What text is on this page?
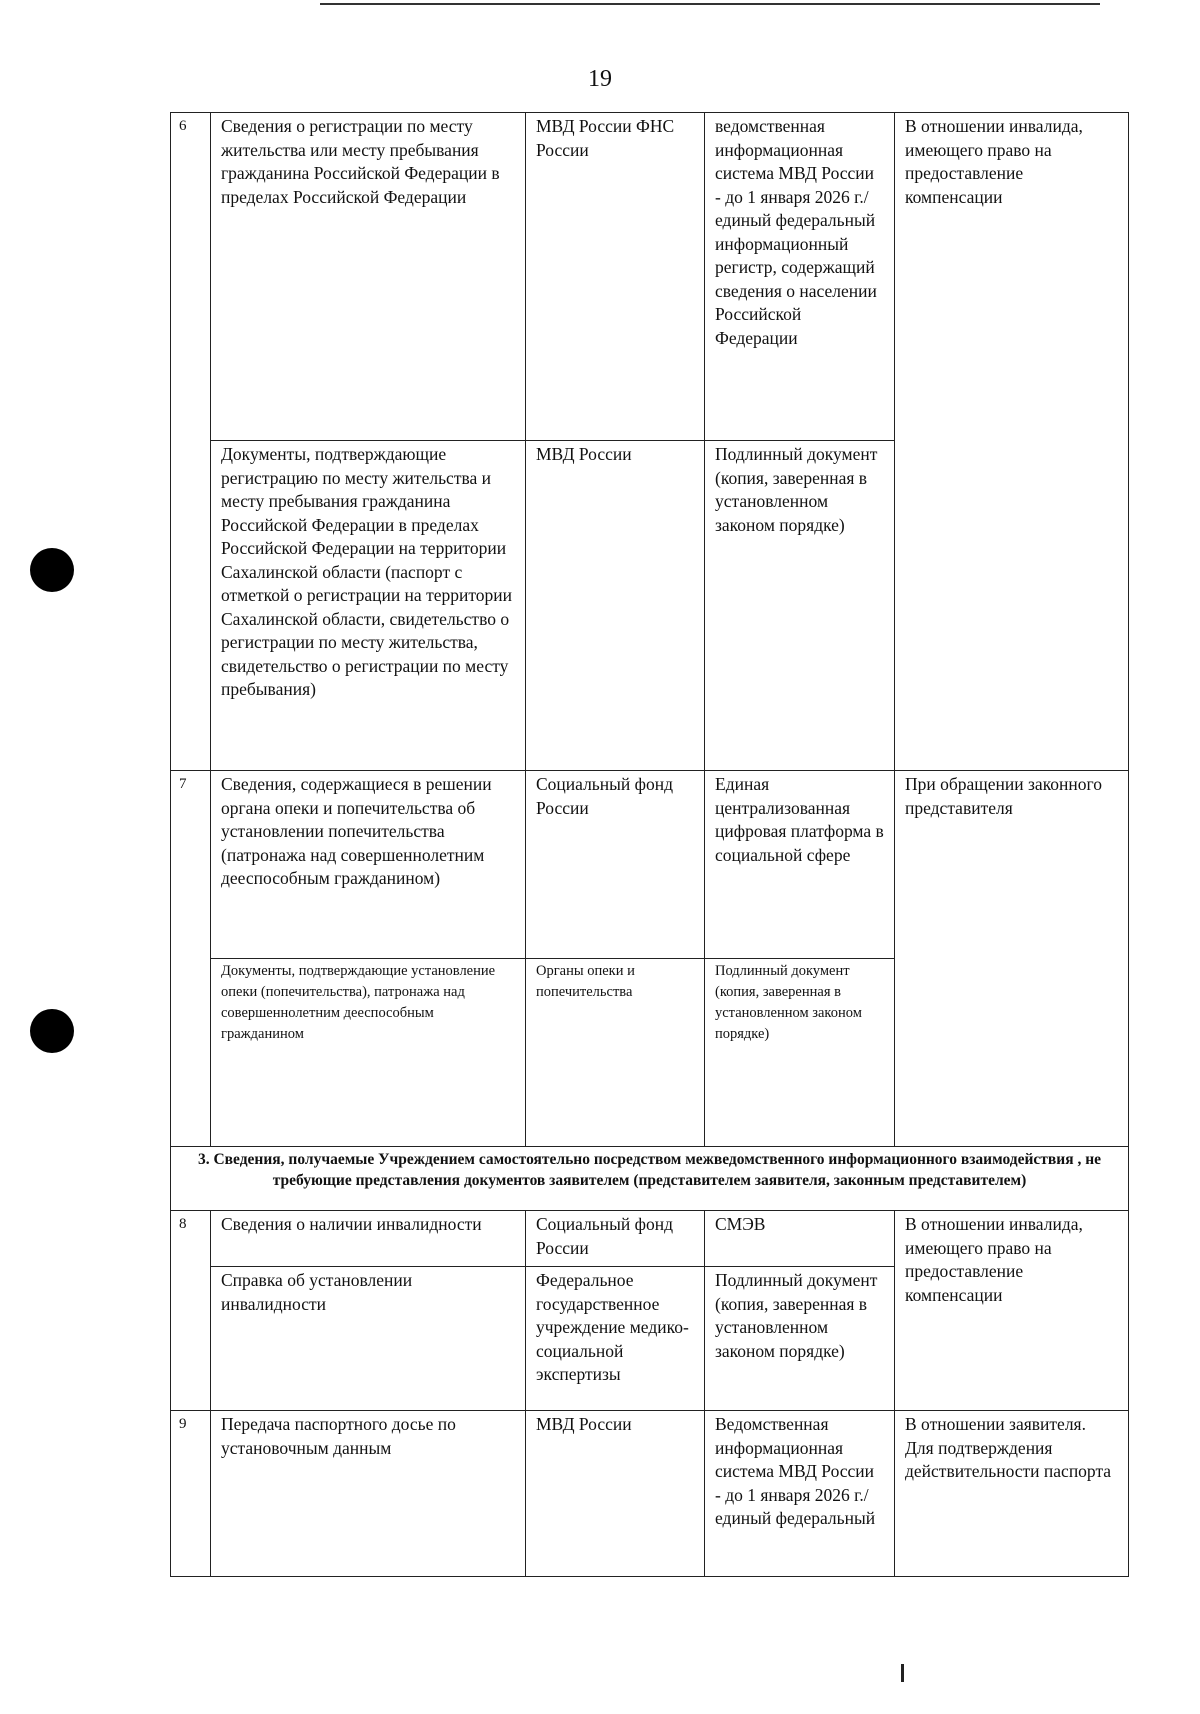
19
6	Сведения о регистрации по месту жительства или месту пребывания гражданина Российской Федерации в пределах Российской Федерации	МВД России ФНС России	ведомственная информационная система МВД России - до 1 января 2026 г./единый федеральный информационный регистр, содержащий сведения о населении Российской Федерации	В отношении инвалида, имеющего право на предоставление компенсации
	Документы, подтверждающие регистрацию по месту жительства и месту пребывания гражданина Российской Федерации в пределах Российской Федерации на территории Сахалинской области (паспорт с отметкой о регистрации на территории Сахалинской области, свидетельство о регистрации по месту жительства, свидетельство о регистрации по месту пребывания)	МВД России	Подлинный документ (копия, заверенная в установленном законом порядке)	
7	Сведения, содержащиеся в решении органа опеки и попечительства об установлении попечительства (патронажа над совершеннолетним дееспособным гражданином)	Социальный фонд России	Единая централизованная цифровая платформа в социальной сфере	При обращении законного представителя
	Документы, подтверждающие установление опеки (попечительства), патронажа над совершеннолетним дееспособным гражданином	Органы опеки и попечительства	Подлинный документ (копия, заверенная в установленном законом порядке)	
3. Сведения, получаемые Учреждением самостоятельно посредством межведомственного информационного взаимодействия , не требующие представления документов заявителем (представителем заявителя, законным представителем)				
8	Сведения о наличии инвалидности	Социальный фонд России	СМЭВ	В отношении инвалида, имеющего право на предоставление компенсации
	Справка об установлении инвалидности	Федеральное государственное учреждение медико-социальной экспертизы	Подлинный документ (копия, заверенная в установленном законом порядке)	
9	Передача паспортного досье по установочным данным	МВД России	Ведомственная информационная система МВД России - до 1 января 2026 г./единый федеральный	В отношении заявителя. Для подтверждения действительности паспорта
